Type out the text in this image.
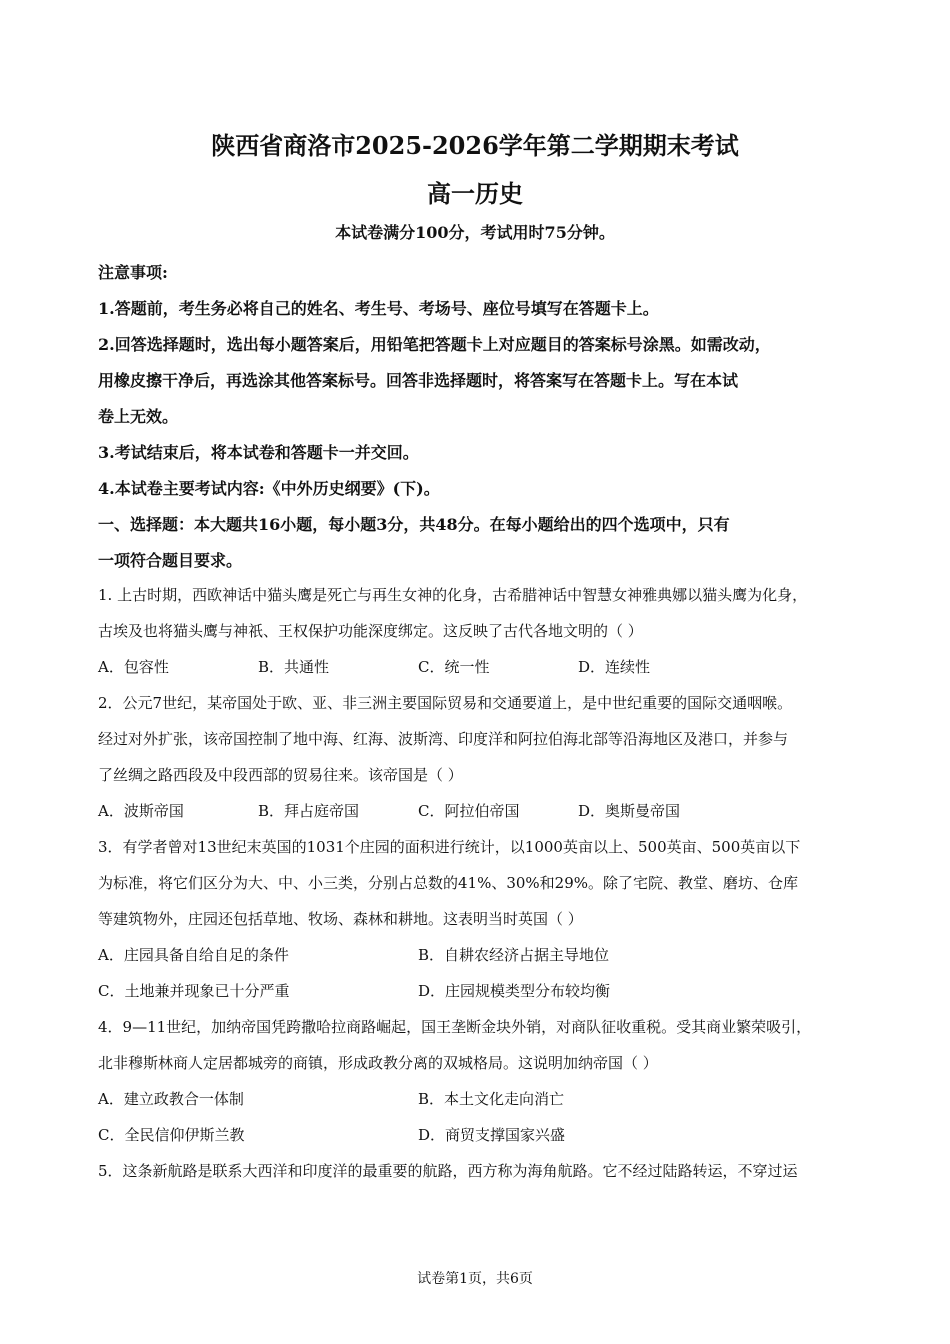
陕西省商洛市2025-2026学年第二学期期末考试
高一历史
本试卷满分100分，考试用时75分钟。
注意事项:
1.答题前，考生务必将自己的姓名、考生号、考场号、座位号填写在答题卡上。
2.回答选择题时，选出每小题答案后，用铅笔把答题卡上对应题目的答案标号涂黑。如需改动，
用橡皮擦干净后，再选涂其他答案标号。回答非选择题时，将答案写在答题卡上。写在本试
卷上无效。
3.考试结束后，将本试卷和答题卡一并交回。
4.本试卷主要考试内容:《中外历史纲要》(下)。
一、选择题：本大题共16小题，每小题3分，共48分。在每小题给出的四个选项中，只有
一项符合题目要求。
1. 上古时期，西欧神话中猫头鹰是死亡与再生女神的化身，古希腊神话中智慧女神雅典娜以猫头鹰为化身，
古埃及也将猫头鹰与神祇、王权保护功能深度绑定。这反映了古代各地文明的（ ）
A．包容性	B．共通性	C．统一性	D．连续性
2．公元7世纪，某帝国处于欧、亚、非三洲主要国际贸易和交通要道上，是中世纪重要的国际交通咽喉。
经过对外扩张，该帝国控制了地中海、红海、波斯湾、印度洋和阿拉伯海北部等沿海地区及港口，并参与
了丝绸之路西段及中段西部的贸易往来。该帝国是（ ）
A．波斯帝国	B．拜占庭帝国	C．阿拉伯帝国	D．奥斯曼帝国
3．有学者曾对13世纪末英国的1031个庄园的面积进行统计，以1000英亩以上、500英亩、500英亩以下
为标准，将它们区分为大、中、小三类，分别占总数的41%、30%和29%。除了宅院、教堂、磨坊、仓库
等建筑物外，庄园还包括草地、牧场、森林和耕地。这表明当时英国（ ）
A．庄园具备自给自足的条件	B．自耕农经济占据主导地位
C．土地兼并现象已十分严重	D．庄园规模类型分布较均衡
4．9—11世纪，加纳帝国凭跨撒哈拉商路崛起，国王垄断金块外销，对商队征收重税。受其商业繁荣吸引，
北非穆斯林商人定居都城旁的商镇，形成政教分离的双城格局。这说明加纳帝国（ ）
A．建立政教合一体制	B．本土文化走向消亡
C．全民信仰伊斯兰教	D．商贸支撑国家兴盛
5．这条新航路是联系大西洋和印度洋的最重要的航路，西方称为海角航路。它不经过陆路转运，不穿过运
试卷第1页，共6页
